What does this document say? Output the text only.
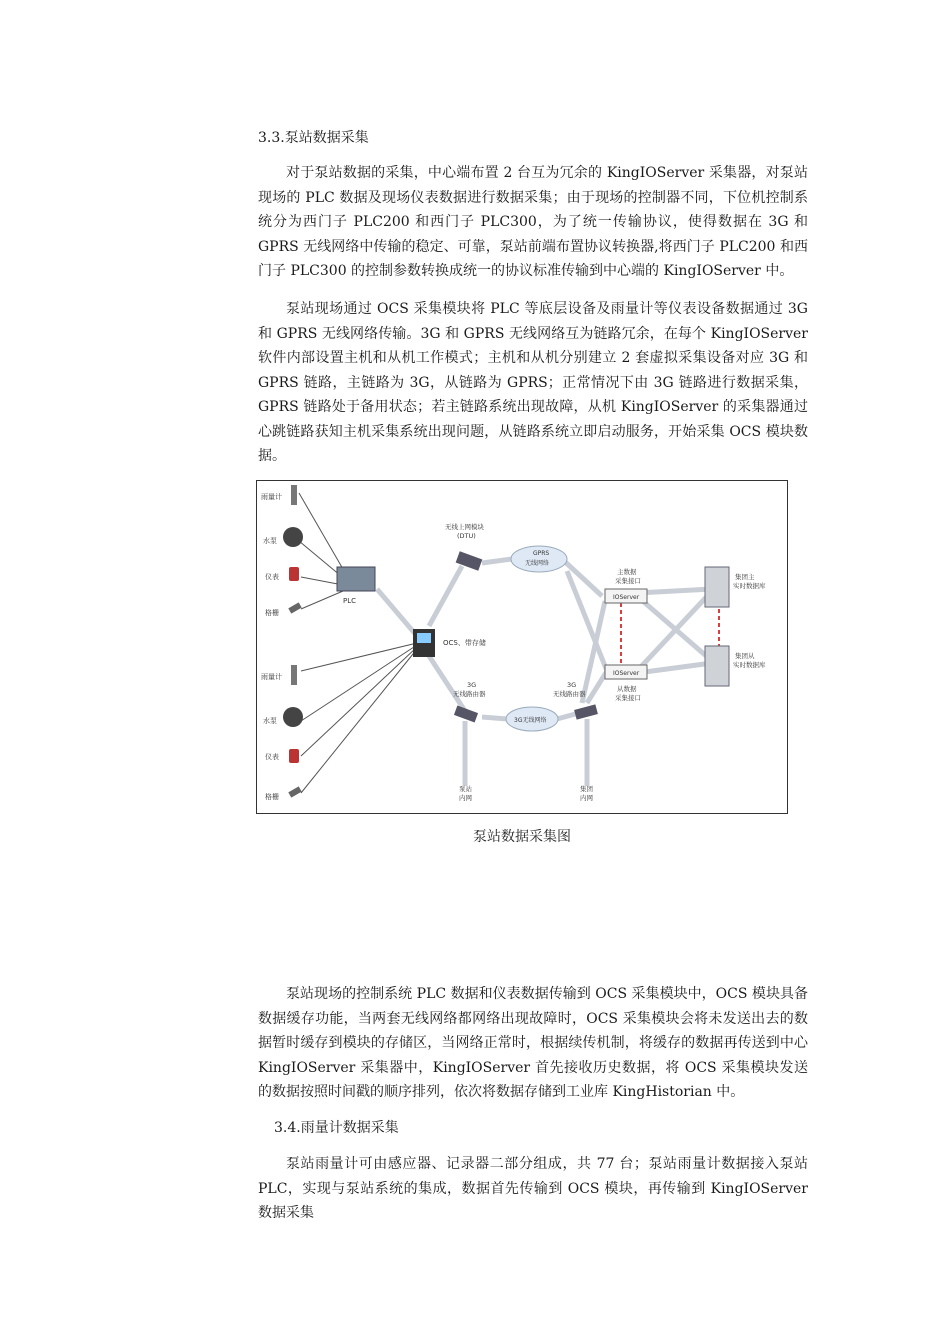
3.3.泵站数据采集

对于泵站数据的采集，中心端布置 2 台互为冗余的 KingIOServer 采集器，对泵站现场的 PLC 数据及现场仪表数据进行数据采集；由于现场的控制器不同，下位机控制系统分为西门子 PLC200 和西门子 PLC300，为了统一传输协议，使得数据在 3G 和 GPRS 无线网络中传输的稳定、可靠，泵站前端布置协议转换器,将西门子 PLC200 和西门子 PLC300 的控制参数转换成统一的协议标准传输到中心端的 KingIOServer 中。

泵站现场通过 OCS 采集模块将 PLC 等底层设备及雨量计等仪表设备数据通过 3G 和 GPRS 无线网络传输。3G 和 GPRS 无线网络互为链路冗余，在每个 KingIOServer 软件内部设置主机和从机工作模式；主机和从机分别建立 2 套虚拟采集设备对应 3G 和 GPRS 链路，主链路为 3G，从链路为 GPRS；正常情况下由 3G 链路进行数据采集，GPRS 链路处于备用状态；若主链路系统出现故障，从机 KingIOServer 的采集器通过心跳链路获知主机采集系统出现问题，从链路系统立即启动服务，开始采集 OCS 模块数据。

雨量计
水泵
仪表
格栅
雨量计
水泵
仪表
格栅
PLC
无线上网模块
(DTU)
GPRS
无线网络
OCS、带存储
3G
无线路由器
3G
无线路由器
3G无线网络
主数据
采集接口
IOServer
IOServer
从数据
采集接口
集团主
实时数据库
集团从
实时数据库
泵站
内网
集团
内网
泵站数据采集图

泵站现场的控制系统 PLC 数据和仪表数据传输到 OCS 采集模块中，OCS 模块具备数据缓存功能，当两套无线网络都网络出现故障时，OCS 采集模块会将未发送出去的数据暂时缓存到模块的存储区，当网络正常时，根据续传机制，将缓存的数据再传送到中心 KingIOServer 采集器中，KingIOServer 首先接收历史数据，将 OCS 采集模块发送的数据按照时间戳的顺序排列，依次将数据存储到工业库 KingHistorian 中。

3.4.雨量计数据采集

泵站雨量计可由感应器、记录器二部分组成，共 77 台；泵站雨量计数据接入泵站 PLC，实现与泵站系统的集成，数据首先传输到 OCS 模块，再传输到 KingIOServer 数据采集
